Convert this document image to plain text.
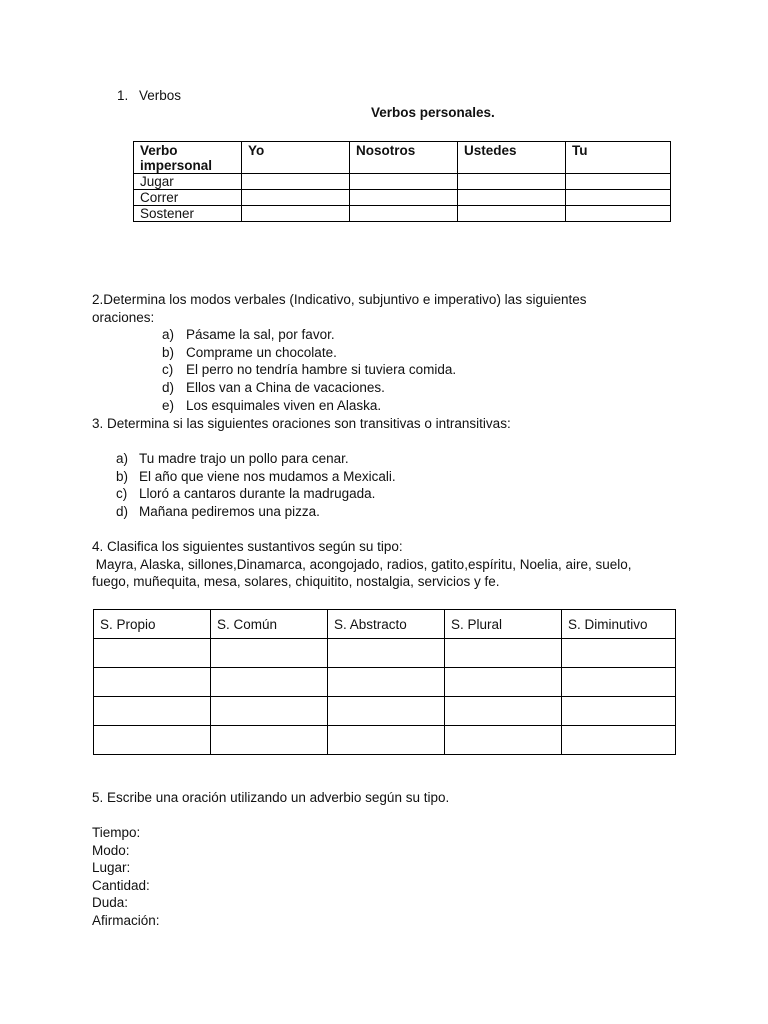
1. Verbos
Verbos personales.
Verbo impersonal	Yo	Nosotros	Ustedes	Tu
Jugar				
Correr				
Sostener				
2.Determina los modos verbales (Indicativo, subjuntivo e imperativo) las siguientes
oraciones:
a) Pásame la sal, por favor.
b) Comprame un chocolate.
c) El perro no tendría hambre si tuviera comida.
d) Ellos van a China de vacaciones.
e) Los esquimales viven en Alaska.
3. Determina si las siguientes oraciones son transitivas o intransitivas:
a) Tu madre trajo un pollo para cenar.
b) El año que viene nos mudamos a Mexicali.
c) Lloró a cantaros durante la madrugada.
d) Mañana pediremos una pizza.
4. Clasifica los siguientes sustantivos según su tipo:
Mayra, Alaska, sillones,Dinamarca, acongojado, radios, gatito,espíritu, Noelia, aire, suelo,
fuego, muñequita, mesa, solares, chiquitito, nostalgia, servicios y fe.
S. Propio	S. Común	S. Abstracto	S. Plural	S. Diminutivo

5. Escribe una oración utilizando un adverbio según su tipo.
Tiempo:
Modo:
Lugar:
Cantidad:
Duda:
Afirmación:
